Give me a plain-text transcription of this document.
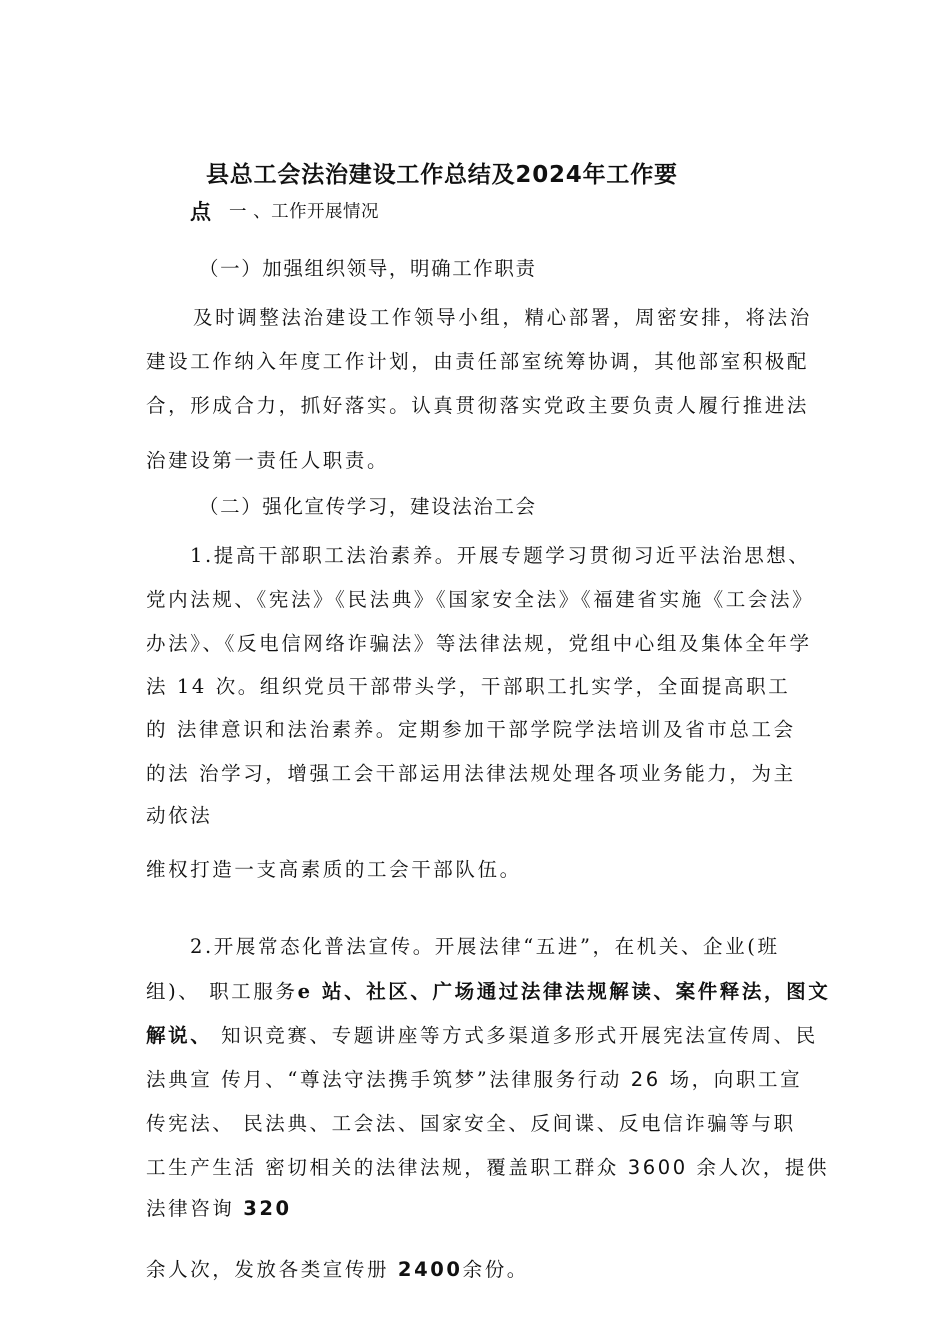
县总工会法治建设工作总结及2024年工作要
点 一 、工作开展情况
（一）加强组织领导，明确工作职责
及时调整法治建设工作领导小组，精心部署，周密安排，将法治
建设工作纳入年度工作计划，由责任部室统筹协调，其他部室积极配
合，形成合力，抓好落实。认真贯彻落实党政主要负责人履行推进法
治建设第一责任人职责。
（二）强化宣传学习，建设法治工会
1.提高干部职工法治素养。开展专题学习贯彻习近平法治思想、
党内法规、《宪法》《民法典》《国家安全法》《福建省实施《工会法》
办法》、《反电信网络诈骗法》等法律法规，党组中心组及集体全年学
法 14 次。组织党员干部带头学，干部职工扎实学，全面提高职工
的 法律意识和法治素养。定期参加干部学院学法培训及省市总工会
的法 治学习，增强工会干部运用法律法规处理各项业务能力，为主
动依法
维权打造一支高素质的工会干部队伍。
2.开展常态化普法宣传。开展法律“五进”，在机关、企业(班
组)、 职工服务e 站、社区、广场通过法律法规解读、案件释法，图文
解说、 知识竞赛、专题讲座等方式多渠道多形式开展宪法宣传周、民
法典宣 传月、“尊法守法携手筑梦”法律服务行动 26 场，向职工宣
传宪法、 民法典、工会法、国家安全、反间谍、反电信诈骗等与职
工生产生活 密切相关的法律法规，覆盖职工群众 3600 余人次，提供
法律咨询 320
余人次，发放各类宣传册 2400余份。
